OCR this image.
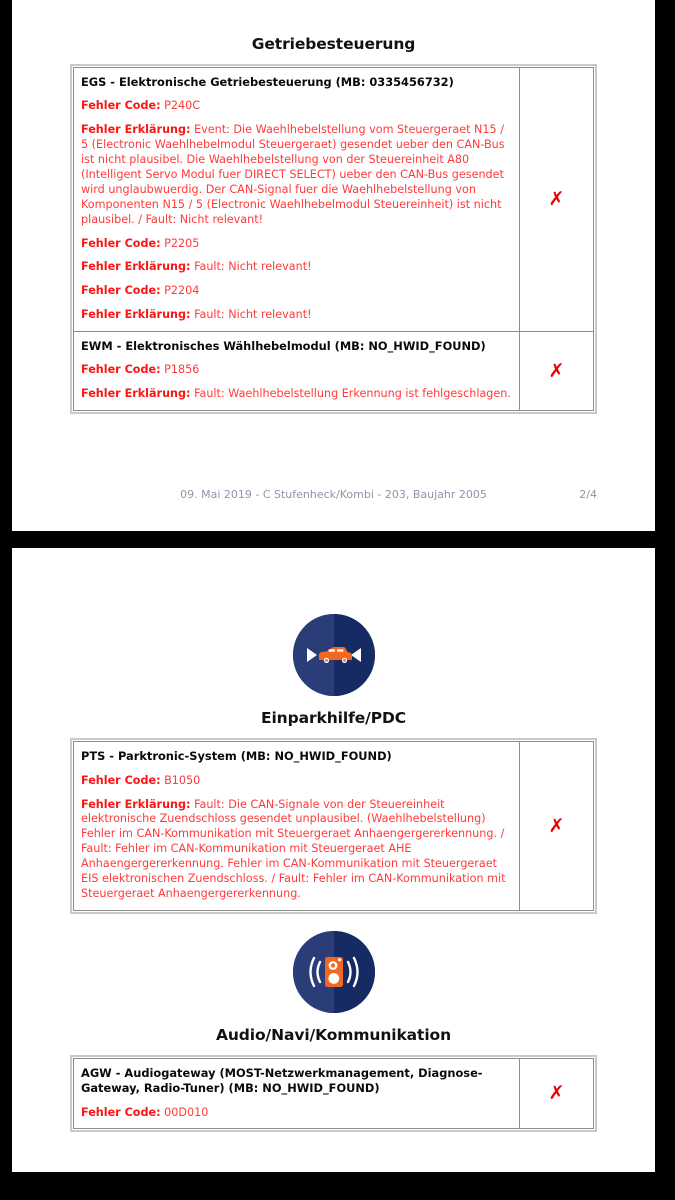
Getriebesteuerung
EGS - Elektronische Getriebesteuerung (MB: 0335456732)
Fehler Code: P240C
Fehler Erklärung: Event: Die Waehlhebelstellung vom Steuergeraet N15 / 5 (Electronic Waehlhebelmodul Steuergeraet) gesendet ueber den CAN-Bus ist nicht plausibel. Die Waehlhebelstellung von der Steuereinheit A80 (Intelligent Servo Modul fuer DIRECT SELECT) ueber den CAN-Bus gesendet wird unglaubwuerdig. Der CAN-Signal fuer die Waehlhebelstellung von Komponenten N15 / 5 (Electronic Waehlhebelmodul Steuereinheit) ist nicht plausibel. / Fault: Nicht relevant!
Fehler Code: P2205
Fehler Erklärung: Fault: Nicht relevant!
Fehler Code: P2204
Fehler Erklärung: Fault: Nicht relevant!
✗
EWM - Elektronisches Wählhebelmodul (MB: NO_HWID_FOUND)
Fehler Code: P1856
Fehler Erklärung: Fault: Waehlhebelstellung Erkennung ist fehlgeschlagen.
✗
09. Mai 2019 - C Stufenheck/Kombi - 203, Baujahr 2005	2/4
Einparkhilfe/PDC
PTS - Parktronic-System (MB: NO_HWID_FOUND)
Fehler Code: B1050
Fehler Erklärung: Fault: Die CAN-Signale von der Steuereinheit elektronische Zuendschloss gesendet unplausibel. (Waehlhebelstellung) Fehler im CAN-Kommunikation mit Steuergeraet Anhaengergererkennung. / Fault: Fehler im CAN-Kommunikation mit Steuergeraet AHE Anhaengergererkennung. Fehler im CAN-Kommunikation mit Steuergeraet EIS elektronischen Zuendschloss. / Fault: Fehler im CAN-Kommunikation mit Steuergeraet Anhaengergererkennung.
✗
Audio/Navi/Kommunikation
AGW - Audiogateway (MOST-Netzwerkmanagement, Diagnose-Gateway, Radio-Tuner) (MB: NO_HWID_FOUND)
Fehler Code: 00D010
✗
